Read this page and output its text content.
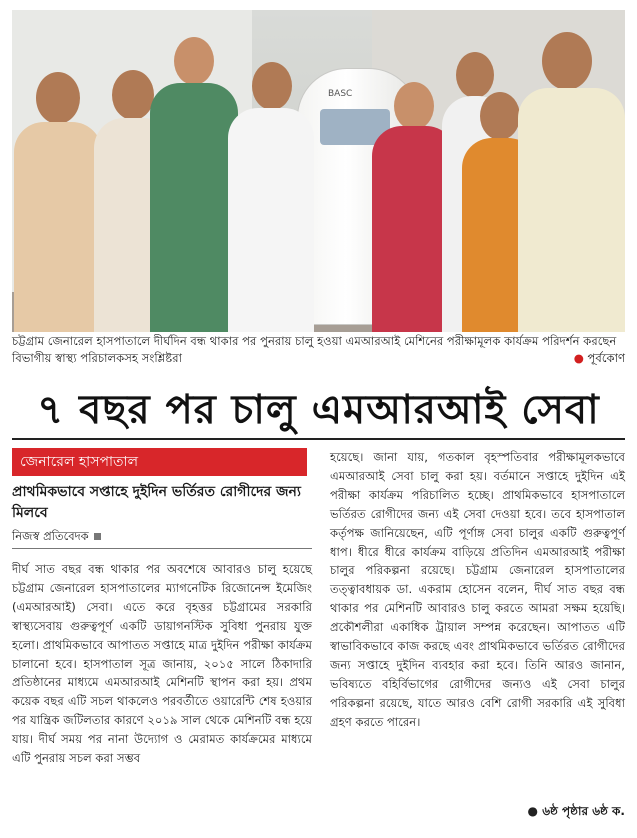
BASC
চট্টগ্রাম জেনারেল হাসপাতালে দীর্ঘদিন বন্ধ থাকার পর পুনরায় চালু হওয়া এমআরআই মেশিনের পরীক্ষামূলক কার্যক্রম পরিদর্শন করছেন বিভাগীয় স্বাস্থ্য পরিচালকসহ সংশ্লিষ্টরা	● পূর্বকোণ
৭ বছর পর চালু এমআরআই সেবা
জেনারেল হাসপাতাল
প্রাথমিকভাবে সপ্তাহে দুইদিন ভর্তিরত রোগীদের জন্য মিলবে
নিজস্ব প্রতিবেদক

দীর্ঘ সাত বছর বন্ধ থাকার পর অবশেষে আবারও চালু হয়েছে চট্টগ্রাম জেনারেল হাসপাতালের ম্যাগনেটিক রিজোনেন্স ইমেজিং (এমআরআই) সেবা। এতে করে বৃহত্তর চট্টগ্রামের সরকারি স্বাস্থ্যসেবায় গুরুত্বপূর্ণ একটি ডায়াগনস্টিক সুবিধা পুনরায় যুক্ত হলো। প্রাথমিকভাবে আপাতত সপ্তাহে মাত্র দুইদিন পরীক্ষা কার্যক্রম চালানো হবে। হাসপাতাল সূত্র জানায়, ২০১৫ সালে ঠিকাদারি প্রতিষ্ঠানের মাধ্যমে এমআরআই মেশিনটি স্থাপন করা হয়। প্রথম কয়েক বছর এটি সচল থাকলেও পরবর্তীতে ওয়ারেন্টি শেষ হওয়ার পর যান্ত্রিক জটিলতার কারণে ২০১৯ সাল থেকে মেশিনটি বন্ধ হয়ে যায়। দীর্ঘ সময় পর নানা উদ্যোগ ও মেরামত কার্যক্রমের মাধ্যমে এটি পুনরায় সচল করা সম্ভব

হয়েছে। জানা যায়, গতকাল বৃহস্পতিবার পরীক্ষামূলকভাবে এমআরআই সেবা চালু করা হয়। বর্তমানে সপ্তাহে দুইদিন এই পরীক্ষা কার্যক্রম পরিচালিত হচ্ছে। প্রাথমিকভাবে হাসপাতালে ভর্তিরত রোগীদের জন্য এই সেবা দেওয়া হবে। তবে হাসপাতাল কর্তৃপক্ষ জানিয়েছেন, এটি পূর্ণাঙ্গ সেবা চালুর একটি গুরুত্বপূর্ণ ধাপ। ধীরে ধীরে কার্যক্রম বাড়িয়ে প্রতিদিন এমআরআই পরীক্ষা চালুর পরিকল্পনা রয়েছে। চট্টগ্রাম জেনারেল হাসপাতালের তত্ত্বাবধায়ক ডা. একরাম হোসেন বলেন, দীর্ঘ সাত বছর বন্ধ থাকার পর মেশিনটি আবারও চালু করতে আমরা সক্ষম হয়েছি। প্রকৌশলীরা একাধিক ট্রায়াল সম্পন্ন করেছেন। আপাতত এটি স্বাভাবিকভাবে কাজ করছে এবং প্রাথমিকভাবে ভর্তিরত রোগীদের জন্য সপ্তাহে দুইদিন ব্যবহার করা হবে। তিনি আরও জানান, ভবিষ্যতে বহির্বিভাগের রোগীদের জন্যও এই সেবা চালুর পরিকল্পনা রয়েছে, যাতে আরও বেশি রোগী সরকারি এই সুবিধা গ্রহণ করতে পারেন।

● ৬ষ্ঠ পৃষ্ঠার ৬ষ্ঠ ক.
